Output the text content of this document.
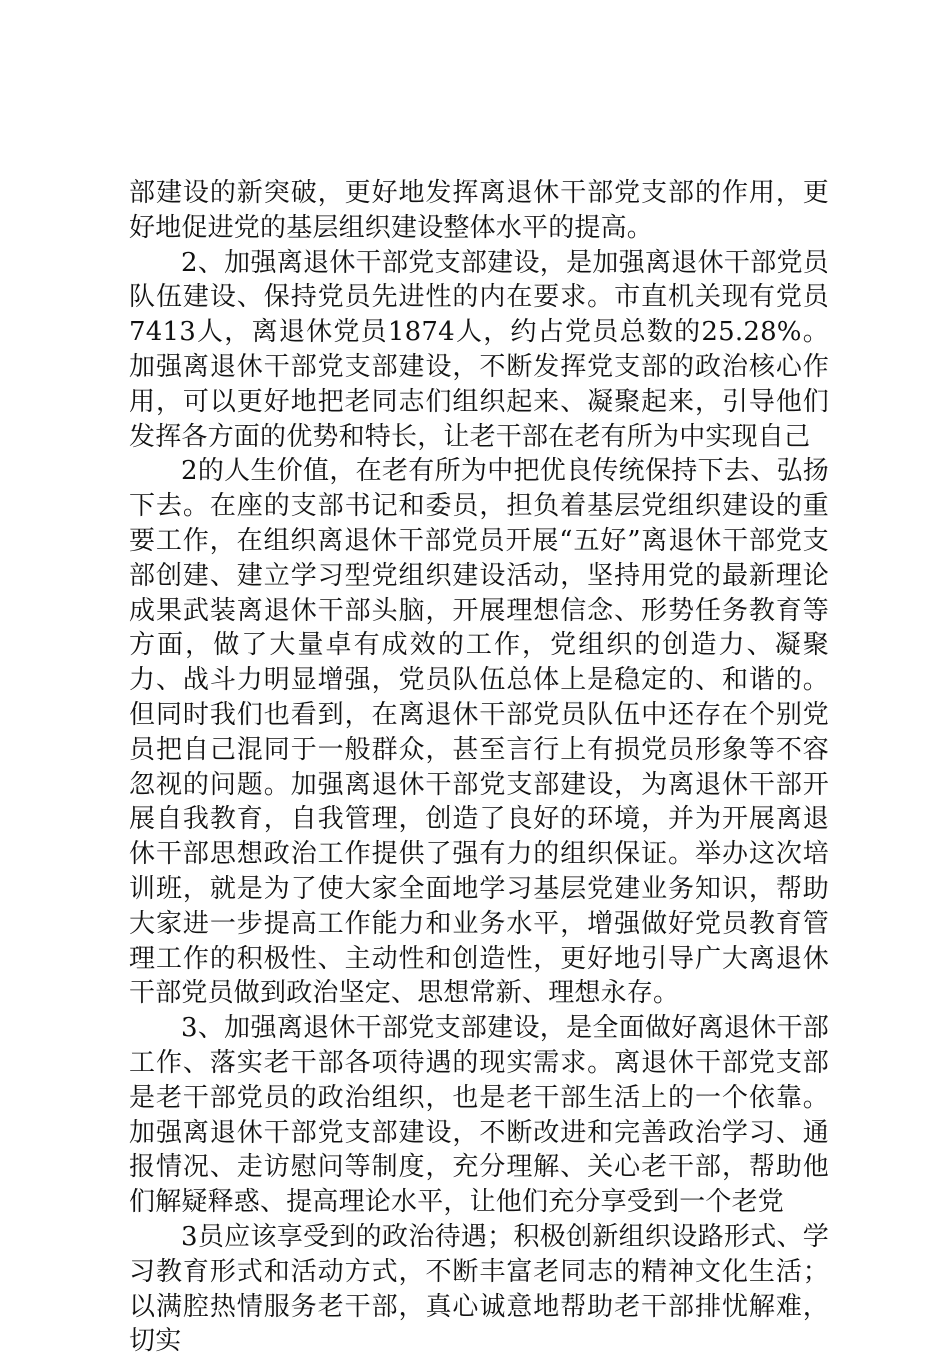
部建设的新突破，更好地发挥离退休干部党支部的作用，更好地促进党的基层组织建设整体水平的提高。

2、加强离退休干部党支部建设，是加强离退休干部党员队伍建设、保持党员先进性的内在要求。市直机关现有党员7413人，离退休党员1874人，约占党员总数的25.28%。加强离退休干部党支部建设，不断发挥党支部的政治核心作用，可以更好地把老同志们组织起来、凝聚起来，引导他们发挥各方面的优势和特长，让老干部在老有所为中实现自己

2的人生价值，在老有所为中把优良传统保持下去、弘扬下去。在座的支部书记和委员，担负着基层党组织建设的重要工作，在组织离退休干部党员开展“五好”离退休干部党支部创建、建立学习型党组织建设活动，坚持用党的最新理论成果武装离退休干部头脑，开展理想信念、形势任务教育等方面，做了大量卓有成效的工作，党组织的创造力、凝聚力、战斗力明显增强，党员队伍总体上是稳定的、和谐的。但同时我们也看到，在离退休干部党员队伍中还存在个别党员把自己混同于一般群众，甚至言行上有损党员形象等不容忽视的问题。加强离退休干部党支部建设，为离退休干部开展自我教育，自我管理，创造了良好的环境，并为开展离退休干部思想政治工作提供了强有力的组织保证。举办这次培训班，就是为了使大家全面地学习基层党建业务知识，帮助大家进一步提高工作能力和业务水平，增强做好党员教育管理工作的积极性、主动性和创造性，更好地引导广大离退休干部党员做到政治坚定、思想常新、理想永存。

3、加强离退休干部党支部建设，是全面做好离退休干部工作、落实老干部各项待遇的现实需求。离退休干部党支部是老干部党员的政治组织，也是老干部生活上的一个依靠。加强离退休干部党支部建设，不断改进和完善政治学习、通报情况、走访慰问等制度，充分理解、关心老干部，帮助他们解疑释惑、提高理论水平，让他们充分享受到一个老党

3员应该享受到的政治待遇；积极创新组织设路形式、学习教育形式和活动方式，不断丰富老同志的精神文化生活；以满腔热情服务老干部，真心诚意地帮助老干部排忧解难，切实
